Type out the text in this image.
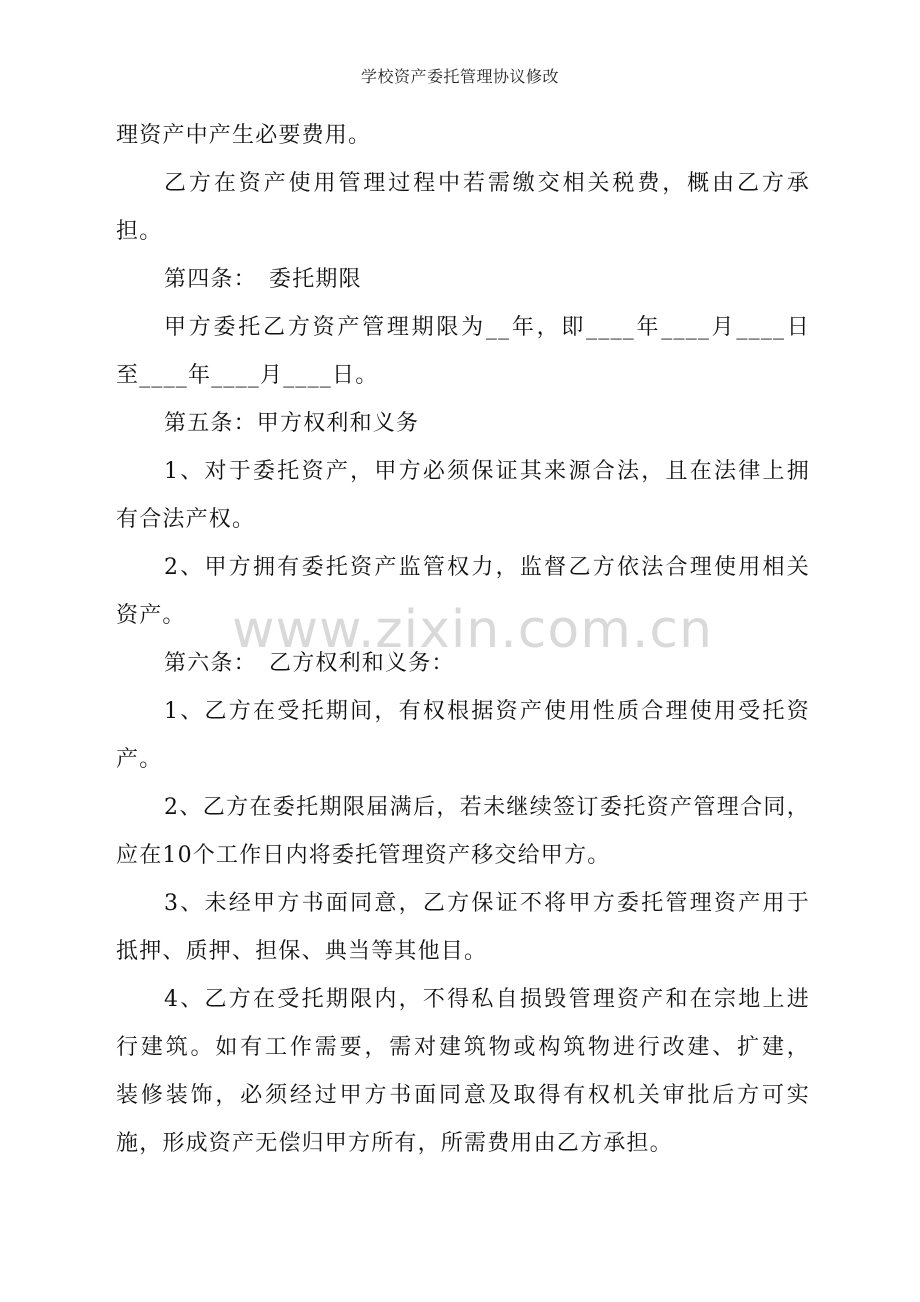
学校资产委托管理协议修改
理资产中产生必要费用。
乙方在资产使用管理过程中若需缴交相关税费，概由乙方承
担。
第四条：　委托期限
甲方委托乙方资产管理期限为__年，即____年____月____日
至____年____月____日。
第五条：甲方权利和义务
1、对于委托资产，甲方必须保证其来源合法，且在法律上拥
有合法产权。
2、甲方拥有委托资产监管权力，监督乙方依法合理使用相关
资产。
第六条：　乙方权利和义务：
1、乙方在受托期间，有权根据资产使用性质合理使用受托资
产。
2、乙方在委托期限届满后，若未继续签订委托资产管理合同，
应在10个工作日内将委托管理资产移交给甲方。
3、未经甲方书面同意，乙方保证不将甲方委托管理资产用于
抵押、质押、担保、典当等其他目。
4、乙方在受托期限内，不得私自损毁管理资产和在宗地上进
行建筑。如有工作需要，需对建筑物或构筑物进行改建、扩建，
装修装饰，必须经过甲方书面同意及取得有权机关审批后方可实
施，形成资产无偿归甲方所有，所需费用由乙方承担。
www.zixin.com.cn
